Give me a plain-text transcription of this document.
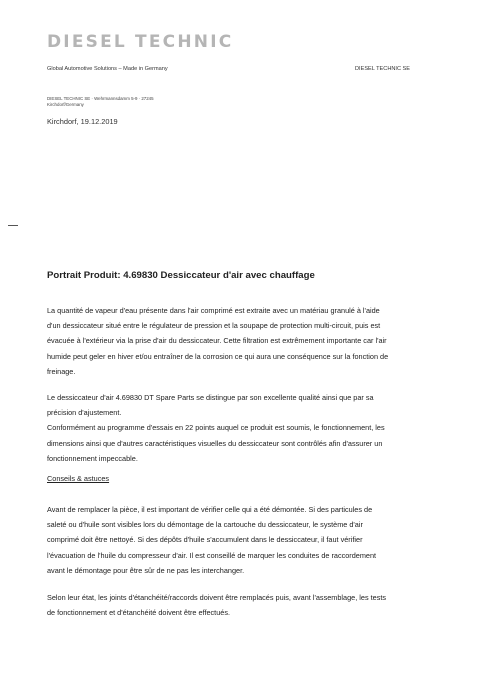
DIESEL TECHNIC
Global Automotive Solutions – Made in Germany	DIESEL TECHNIC SE
DIESEL TECHNIC SE · Wehrmannsdamm 5-9 · 27245
Kirchdorf/Germany
Kirchdorf, 19.12.2019
Portrait Produit: 4.69830 Dessiccateur d'air avec chauffage

La quantité de vapeur d'eau présente dans l'air comprimé est extraite avec un matériau granulé à l'aide
d'un dessiccateur situé entre le régulateur de pression et la soupape de protection multi-circuit, puis est
évacuée à l'extérieur via la prise d'air du dessiccateur. Cette filtration est extrêmement importante car l'air
humide peut geler en hiver et/ou entraîner de la corrosion ce qui aura une conséquence sur la fonction de
freinage.

Le dessiccateur d'air 4.69830 DT Spare Parts se distingue par son excellente qualité ainsi que par sa
précision d'ajustement.
Conformément au programme d'essais en 22 points auquel ce produit est soumis, le fonctionnement, les
dimensions ainsi que d'autres caractéristiques visuelles du dessiccateur sont contrôlés afin d'assurer un
fonctionnement impeccable.

Conseils & astuces

Avant de remplacer la pièce, il est important de vérifier celle qui a été démontée. Si des particules de
saleté ou d'huile sont visibles lors du démontage de la cartouche du dessiccateur, le système d'air
comprimé doit être nettoyé. Si des dépôts d'huile s'accumulent dans le dessiccateur, il faut vérifier
l'évacuation de l'huile du compresseur d'air. Il est conseillé de marquer les conduites de raccordement
avant le démontage pour être sûr de ne pas les interchanger.

Selon leur état, les joints d'étanchéité/raccords doivent être remplacés puis, avant l'assemblage, les tests
de fonctionnement et d'étanchéité doivent être effectués.
